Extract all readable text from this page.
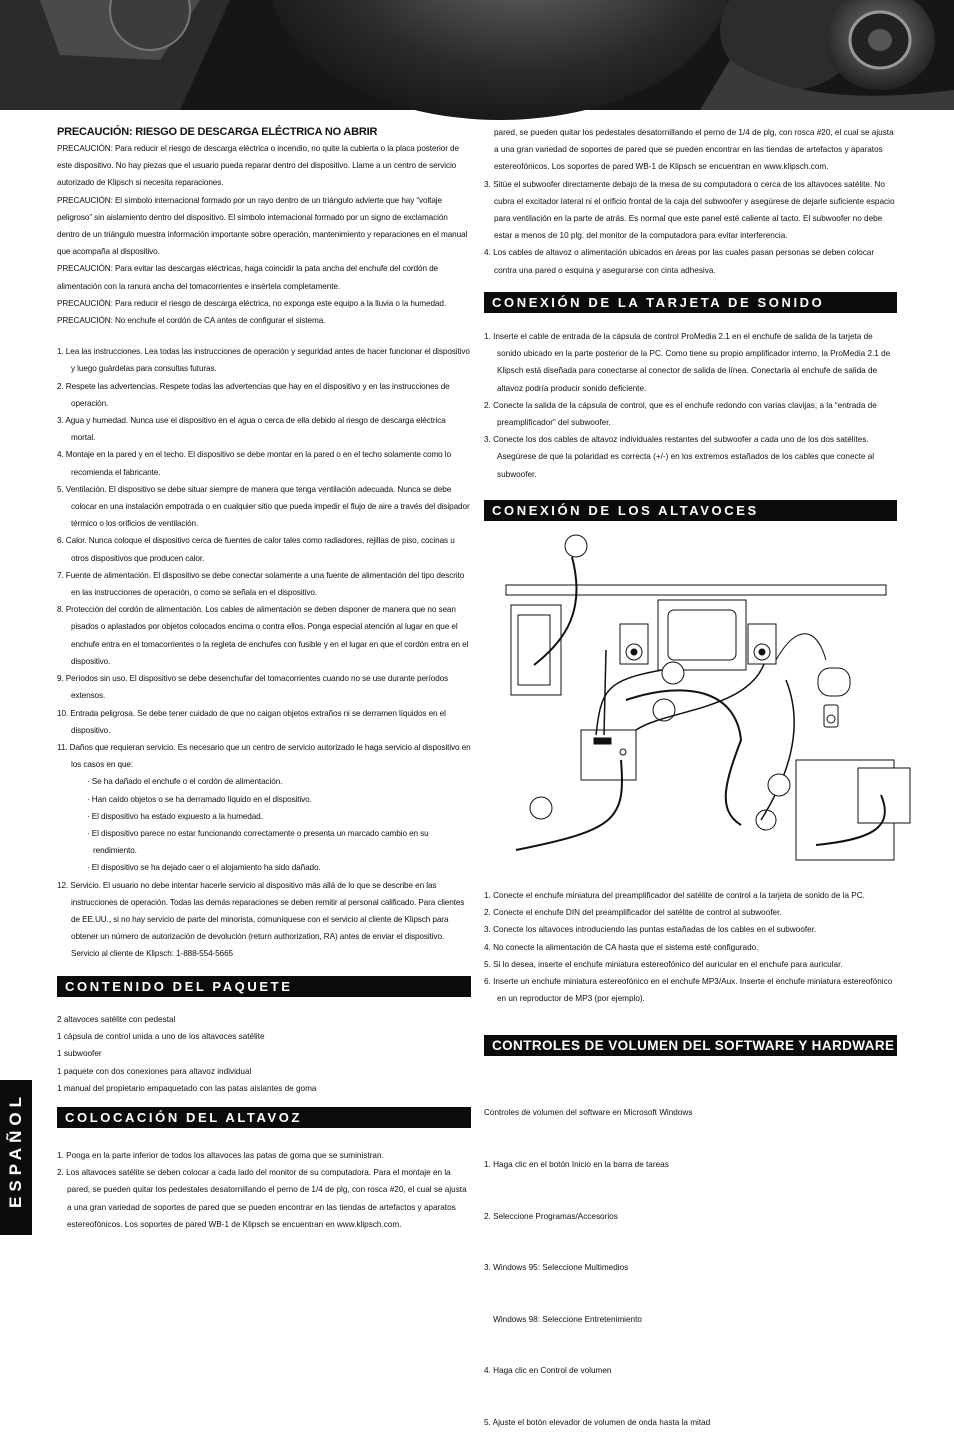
PRECAUCIÓN: RIESGO DE DESCARGA ELÉCTRICA NO ABRIR

PRECAUCIÓN: Para reducir el riesgo de descarga eléctrica o incendio, no quite la cubierta o la placa posterior de este dispositivo. No hay piezas que el usuario pueda reparar dentro del dispositivo. Llame a un centro de servicio autorizado de Klipsch si necesita reparaciones.

PRECAUCIÓN: El símbolo internacional formado por un rayo dentro de un triángulo advierte que hay “voltaje peligroso” sin aislamiento dentro del dispositivo. El símbolo internacional formado por un signo de exclamación dentro de un triángulo muestra información importante sobre operación, mantenimiento y reparaciones en el manual que acompaña al dispositivo.

PRECAUCIÓN: Para evitar las descargas eléctricas, haga coincidir la pata ancha del enchufe del cordón de alimentación con la ranura ancha del tomacorrientes e insértela completamente.

PRECAUCIÓN: Para reducir el riesgo de descarga eléctrica, no exponga este equipo a la lluvia o la humedad.

PRECAUCIÓN: No enchufe el cordón de CA antes de configurar el sistema.

1. Lea las instrucciones. Lea todas las instrucciones de operación y seguridad antes de hacer funcionar el dispositivo y luego guárdelas para consultas futuras.
2. Respete las advertencias. Respete todas las advertencias que hay en el dispositivo y en las instrucciones de operación.
3. Agua y humedad. Nunca use el dispositivo en el agua o cerca de ella debido al riesgo de descarga eléctrica mortal.
4. Montaje en la pared y en el techo. El dispositivo se debe montar en la pared o en el techo solamente como lo recomienda el fabricante.
5. Ventilación. El dispositivo se debe situar siempre de manera que tenga ventilación adecuada. Nunca se debe colocar en una instalación empotrada o en cualquier sitio que pueda impedir el flujo de aire a través del disipador térmico o los orificios de ventilación.
6. Calor. Nunca coloque el dispositivo cerca de fuentes de calor tales como radiadores, rejillas de piso, cocinas u otros dispositivos que producen calor.
7. Fuente de alimentación. El dispositivo se debe conectar solamente a una fuente de alimentación del tipo descrito en las instrucciones de operación, o como se señala en el dispositivo.
8. Protección del cordón de alimentación. Los cables de alimentación se deben disponer de manera que no sean pisados o aplastados por objetos colocados encima o contra ellos. Ponga especial atención al lugar en que el enchufe entra en el tomacorrientes o la regleta de enchufes con fusible y en el lugar en que el cordón entra en el dispositivo.
9. Períodos sin uso. El dispositivo se debe desenchufar del tomacorrientes cuando no se use durante períodos extensos.
10. Entrada peligrosa. Se debe tener cuidado de que no caigan objetos extraños ni se derramen líquidos en el dispositivo.
11. Daños que requieran servicio. Es necesario que un centro de servicio autorizado le haga servicio al dispositivo en los casos en que:
· Se ha dañado el enchufe o el cordón de alimentación.
· Han caído objetos o se ha derramado líquido en el dispositivo.
· El dispositivo ha estado expuesto a la humedad.
· El dispositivo parece no estar funcionando correctamente o presenta un marcado cambio en su rendimiento.
· El dispositivo se ha dejado caer o el alojamiento ha sido dañado.
12. Servicio. El usuario no debe intentar hacerle servicio al dispositivo más allá de lo que se describe en las instrucciones de operación. Todas las demás reparaciones se deben remitir al personal calificado. Para clientes de EE.UU., si no hay servicio de parte del minorista, comuníquese con el servicio al cliente de Klipsch para obtener un número de autorización de devolución (return authorization, RA) antes de enviar el dispositivo. Servicio al cliente de Klipsch: 1-888-554-5665
CONTENIDO DEL PAQUETE
2 altavoces satélite con pedestal
1 cápsula de control unida a uno de los altavoces satélite
1 subwoofer
1 paquete con dos conexiones para altavoz individual
1 manual del propietario empaquetado con las patas aislantes de goma
COLOCACIÓN DEL ALTAVOZ
1. Ponga en la parte inferior de todos los altavoces las patas de goma que se suministran.
2. Los altavoces satélite se deben colocar a cada lado del monitor de su computadora. Para el montaje en la pared, se pueden quitar los pedestales desatornillando el perno de 1/4 de plg, con rosca #20, el cual se ajusta a una gran variedad de soportes de pared que se pueden encontrar en las tiendas de artefactos y aparatos estereofónicos. Los soportes de pared WB-1 de Klipsch se encuentran en www.klipsch.com.
ESPAÑOL
pared, se pueden quitar los pedestales desatornillando el perno de 1/4 de plg, con rosca #20, el cual se ajusta a una gran variedad de soportes de pared que se pueden encontrar en las tiendas de artefactos y aparatos estereofónicos. Los soportes de pared WB-1 de Klipsch se encuentran en www.klipsch.com.
3. Sitúe el subwoofer directamente debajo de la mesa de su computadora o cerca de los altavoces satélite. No cubra el excitador lateral ni el orificio frontal de la caja del subwoofer y asegúrese de dejarle suficiente espacio para ventilación en la parte de atrás. Es normal que este panel esté caliente al tacto. El subwoofer no debe estar a menos de 10 plg. del monitor de la computadora para evitar interferencia.
4. Los cables de altavoz o alimentación ubicados en áreas por las cuales pasan personas se deben colocar contra una pared o esquina y asegurarse con cinta adhesiva.
CONEXIÓN DE LA TARJETA DE SONIDO
1. Inserte el cable de entrada de la cápsula de control ProMedia 2.1 en el enchufe de salida de la tarjeta de sonido ubicado en la parte posterior de la PC. Como tiene su propio amplificador interno, la ProMedia 2.1 de Klipsch está diseñada para conectarse al conector de salida de línea. Conectarla al enchufe de salida de altavoz podría producir sonido deficiente.
2. Conecte la salida de la cápsula de control, que es el enchufe redondo con varias clavijas, a la “entrada de preamplificador” del subwoofer.
3. Conecte los dos cables de altavoz individuales restantes del subwoofer a cada uno de los dos satélites. Asegúrese de que la polaridad es correcta (+/-) en los extremos estañados de los cables que conecte al subwoofer.
CONEXIÓN DE LOS ALTAVOCES
1. Conecte el enchufe miniatura del preamplificador del satélite de control a la tarjeta de sonido de la PC.
2. Conecte el enchufe DIN del preamplificador del satélite de control al subwoofer.
3. Conecte los altavoces introduciendo las puntas estañadas de los cables en el subwoofer.
4. No conecte la alimentación de CA hasta que el sistema esté configurado.
5. Si lo desea, inserte el enchufe miniatura estereofónico del auricular en el enchufe para auricular.
6. Inserte un enchufe miniatura estereofónico en el enchufe MP3/Aux. Inserte el enchufe miniatura estereofónico en un reproductor de MP3 (por ejemplo).
CONTROLES DE VOLUMEN DEL SOFTWARE Y HARDWARE

Controles de volumen del software en Microsoft Windows

1. Haga clic en el botón Inicio en la barra de tareas

2. Seleccione Programas/Accesorios

3. Windows 95: Seleccione Multimedios

Windows 98: Seleccione Entretenimiento

4. Haga clic en Control de volumen

5. Ajuste el botón elevador de volumen de onda hasta la mitad
